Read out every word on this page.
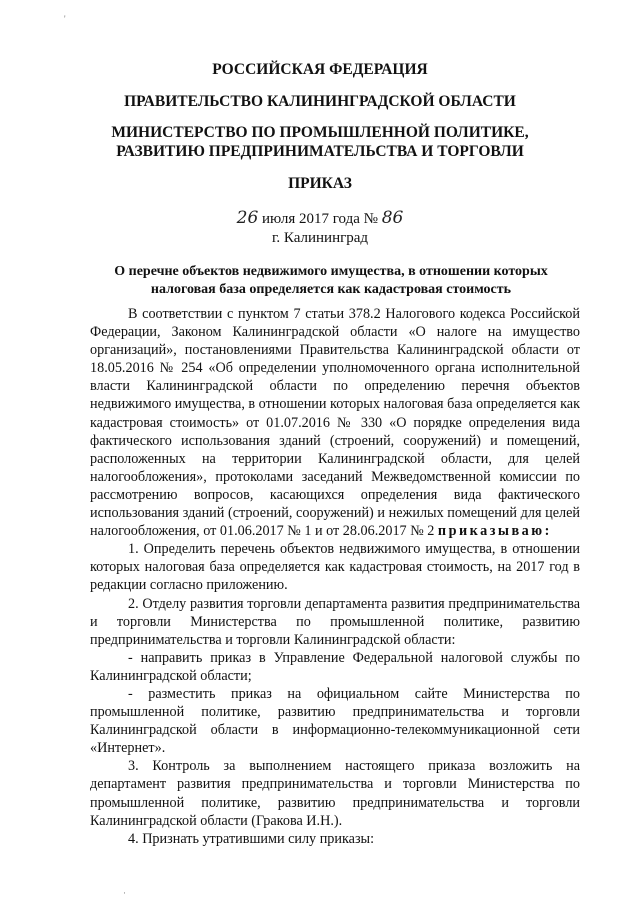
'
РОССИЙСКАЯ ФЕДЕРАЦИЯ
ПРАВИТЕЛЬСТВО КАЛИНИНГРАДСКОЙ ОБЛАСТИ
МИНИСТЕРСТВО ПО ПРОМЫШЛЕННОЙ ПОЛИТИКЕ,
РАЗВИТИЮ ПРЕДПРИНИМАТЕЛЬСТВА И ТОРГОВЛИ
ПРИКАЗ
26 июля 2017 года № 86
г. Калининград
О перечне объектов недвижимого имущества, в отношении которых
налоговая база определяется как кадастровая стоимость

В соответствии с пунктом 7 статьи 378.2 Налогового кодекса Российской Федерации, Законом Калининградской области «О налоге на имущество организаций», постановлениями Правительства Калининградской области от 18.05.2016 № 254 «Об определении уполномоченного органа исполнительной власти Калининградской области по определению перечня объектов недвижимого имущества, в отношении которых налоговая база определяется как кадастровая стоимость» от 01.07.2016 № 330 «О порядке определения вида фактического использования зданий (строений, сооружений) и помещений, расположенных на территории Калининградской области, для целей налогообложения», протоколами заседаний Межведомственной комиссии по рассмотрению вопросов, касающихся определения вида фактического использования зданий (строений, сооружений) и нежилых помещений для целей налогообложения, от 01.06.2017 № 1 и от 28.06.2017 № 2 приказываю:

1. Определить перечень объектов недвижимого имущества, в отношении которых налоговая база определяется как кадастровая стоимость, на 2017 год в редакции согласно приложению.

2. Отделу развития торговли департамента развития предпринимательства и торговли Министерства по промышленной политике, развитию предпринимательства и торговли Калининградской области:

- направить приказ в Управление Федеральной налоговой службы по Калининградской области;

- разместить приказ на официальном сайте Министерства по промышленной политике, развитию предпринимательства и торговли Калининградской области в информационно-телекоммуникационной сети «Интернет».

3. Контроль за выполнением настоящего приказа возложить на департамент развития предпринимательства и торговли Министерства по промышленной политике, развитию предпринимательства и торговли Калининградской области (Гракова И.Н.).

4. Признать утратившими силу приказы:

·
